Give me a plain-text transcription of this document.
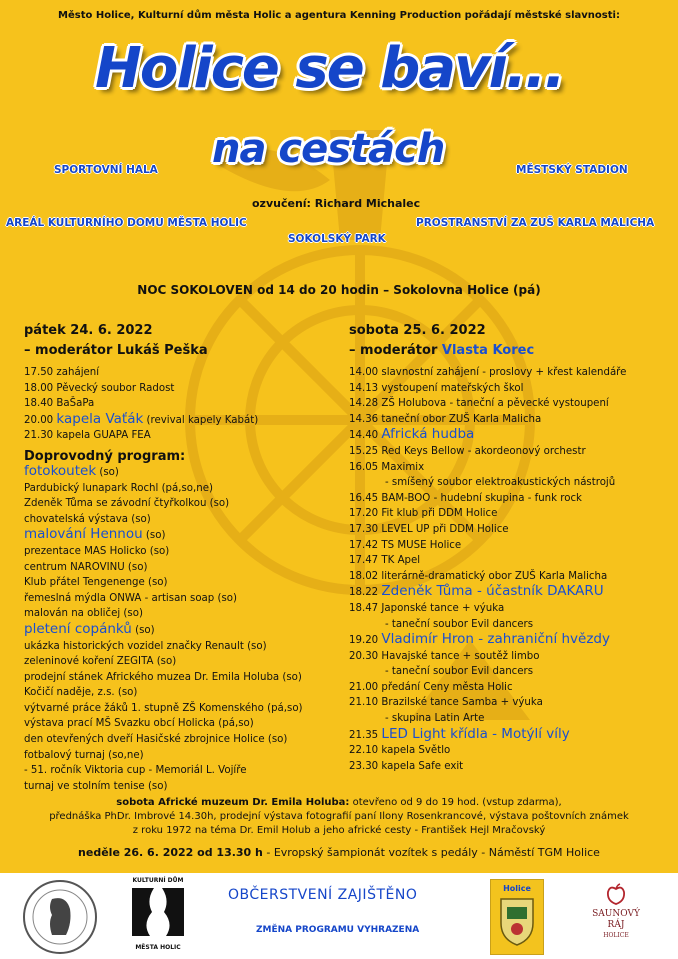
Město Holice, Kulturní dům města Holic a agentura Kenning Production pořádají městské slavnosti:
Holice se baví...
na cestách
SPORTOVNÍ HALA	MĚSTSKÝ STADION
ozvučení: Richard Michalec
AREÁL KULTURNÍHO DOMU MĚSTA HOLIC	PROSTRANSTVÍ ZA ZUŠ KARLA MALICHA
SOKOLSKÝ PARK
NOC SOKOLOVEN od 14 do 20 hodin – Sokolovna Holice (pá)
pátek 24. 6. 2022
– moderátor Lukáš Peška
17.50 zahájení
18.00 Pěvecký soubor Radost
18.40 BaŠaPa
20.00 kapela Vaťák (revival kapely Kabát)
21.30 kapela GUAPA FEA
Doprovodný program:
fotokoutek (so)
Pardubický lunapark Rochl (pá,so,ne)
Zdeněk Tůma se závodní čtyřkolkou (so)
chovatelská výstava (so)
malování Hennou (so)
prezentace MAS Holicko (so)
centrum NAROVINU (so)
Klub přátel Tengenenge (so)
řemeslná mýdla ONWA - artisan soap (so)
malován na obličej (so)
pletení copánků (so)
ukázka historických vozidel značky Renault (so)
zeleninové koření ZEGITA (so)
prodejní stánek Afrického muzea Dr. Emila Holuba (so)
Kočičí naděje, z.s. (so)
výtvarné práce žáků 1. stupně ZŠ Komenského (pá,so)
výstava prací MŠ Svazku obcí Holicka (pá,so)
den otevřených dveří Hasičské zbrojnice Holice (so)
fotbalový turnaj (so,ne)
- 51. ročník Viktoria cup - Memoriál L. Vojíře
turnaj ve stolním tenise (so)
sobota 25. 6. 2022
– moderátor Vlasta Korec
14.00 slavnostní zahájení - proslovy + křest kalendáře
14.13 vystoupení mateřských škol
14.28 ZŠ Holubova - taneční a pěvecké vystoupení
14.36 taneční obor ZUŠ Karla Malicha
14.40 Africká hudba
15.25 Red Keys Bellow - akordeonový orchestr
16.05 Maximix
- smíšený soubor elektroakustických nástrojů
16.45 BAM-BOO - hudební skupina - funk rock
17.20 Fit klub při DDM Holice
17.30 LEVEL UP při DDM Holice
17.42 TS MUSE Holice
17.47 TK Apel
18.02 literárně-dramatický obor ZUŠ Karla Malicha
18.22 Zdeněk Tůma - účastník DAKARU
18.47 Japonské tance + výuka
- taneční soubor Evil dancers
19.20 Vladimír Hron - zahraniční hvězdy
20.30 Havajské tance + soutěž limbo
- taneční soubor Evil dancers
21.00 předání Ceny města Holic
21.10 Brazilské tance Samba + výuka
- skupina Latin Arte
21.35 LED Light křídla - Motýlí víly
22.10 kapela Světlo
23.30 kapela Safe exit
sobota Africké muzeum Dr. Emila Holuba: otevřeno od 9 do 19 hod. (vstup zdarma),
přednáška PhDr. Imbrové 14.30h, prodejní výstava fotografií paní Ilony Rosenkrancové, výstava poštovních známek
z roku 1972 na téma Dr. Emil Holub a jeho africké cesty - František Hejl Mračovský
neděle 26. 6. 2022 od 13.30 h - Evropský šampionát vozítek s pedály - Náměstí TGM Holice
KULTURNÍ DŮM
MĚSTA HOLIC
OBČERSTVENÍ ZAJIŠTĚNO
ZMĚNA PROGRAMU VYHRAZENA
Holice
SAUNOVÝ
RÁJ
HOLICE
